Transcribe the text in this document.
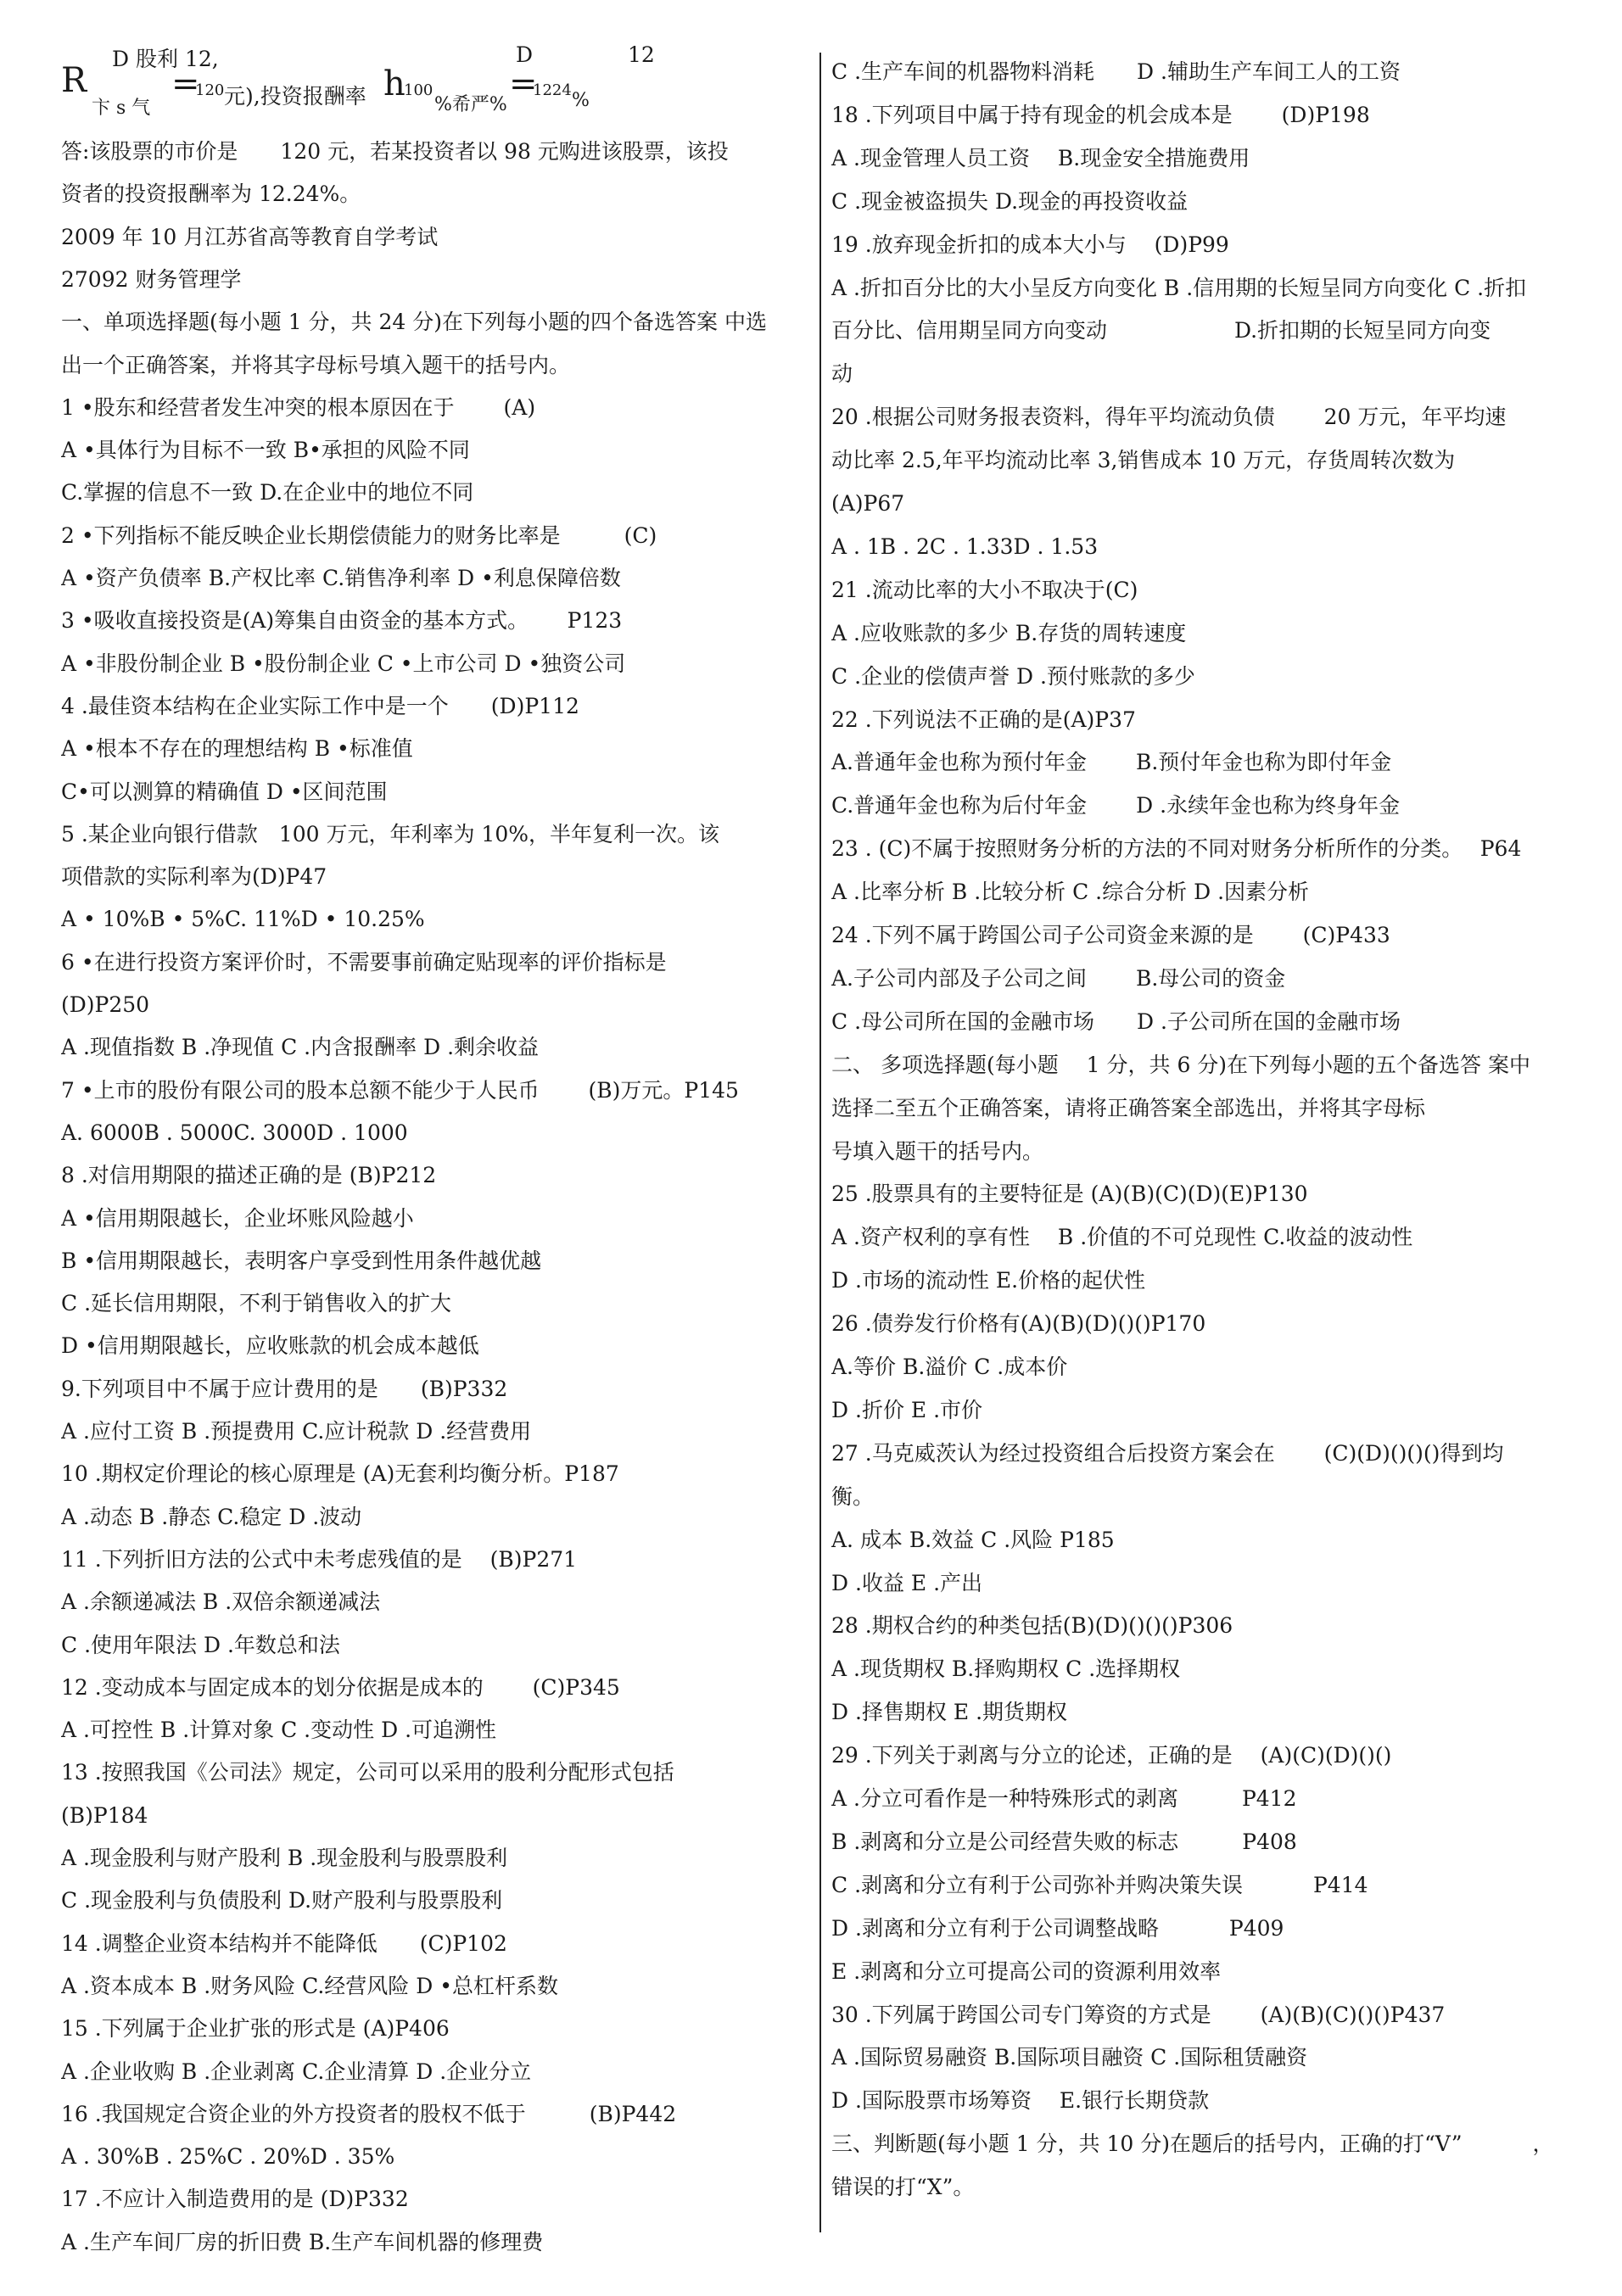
D 股利 12,
R
卞 s 气
=
120 元),投资报酬率 h
100
%希严%
D
=
1224
12
%
答:该股票的市价是　　120 元，若某投资者以 98 元购进该股票，该投
资者的投资报酬率为 12.24%。
2009 年 10 月江苏省高等教育自学考试
27092 财务管理学
一、单项选择题(每小题 1 分，共 24 分)在下列每小题的四个备选答案 中选
出一个正确答案，并将其字母标号填入题干的括号内。
1 •股东和经营者发生冲突的根本原因在于　　 (A)
A •具体行为目标不一致 B•承担的风险不同
C.掌握的信息不一致 D.在企业中的地位不同
2 •下列指标不能反映企业长期偿债能力的财务比率是　　　(C)
A •资产负债率 B.产权比率 C.销售净利率 D •利息保障倍数
3 •吸收直接投资是(A)筹集自由资金的基本方式。　　 P123
A •非股份制企业 B •股份制企业 C •上市公司 D •独资公司
4 .最佳资本结构在企业实际工作中是一个　　(D)P112
A •根本不存在的理想结构 B •标准值
C•可以测算的精确值 D •区间范围
5 .某企业向银行借款　100 万元，年利率为 10%，半年复利一次。该
项借款的实际利率为(D)P47
A • 10%B • 5%C. 11%D • 10.25%
6 •在进行投资方案评价时，不需要事前确定贴现率的评价指标是
(D)P250
A .现值指数 B .净现值 C .内含报酬率 D .剩余收益
7 •上市的股份有限公司的股本总额不能少于人民币　　 (B)万元。P145
A. 6000B . 5000C. 3000D . 1000
8 .对信用期限的描述正确的是 (B)P212
A •信用期限越长，企业坏账风险越小
B •信用期限越长，表明客户享受到性用条件越优越
C .延长信用期限，不利于销售收入的扩大
D •信用期限越长，应收账款的机会成本越低
9.下列项目中不属于应计费用的是　　(B)P332
A .应付工资 B .预提费用 C.应计税款 D .经营费用
10 .期权定价理论的核心原理是 (A)无套利均衡分析。P187
A .动态 B .静态 C.稳定 D .波动
11 .下列折旧方法的公式中未考虑残值的是　 (B)P271
A .余额递减法 B .双倍余额递减法
C .使用年限法 D .年数总和法
12 .变动成本与固定成本的划分依据是成本的　　 (C)P345
A .可控性 B .计算对象 C .变动性 D .可追溯性
13 .按照我国《公司法》规定，公司可以采用的股利分配形式包括
(B)P184
A .现金股利与财产股利 B .现金股利与股票股利
C .现金股利与负债股利 D.财产股利与股票股利
14 .调整企业资本结构并不能降低　　(C)P102
A .资本成本 B .财务风险 C.经营风险 D •总杠杆系数
15 .下列属于企业扩张的形式是 (A)P406
A .企业收购 B .企业剥离 C.企业清算 D .企业分立
16 .我国规定合资企业的外方投资者的股权不低于　　　(B)P442
A . 30%B . 25%C . 20%D . 35%
17 .不应计入制造费用的是 (D)P332
A .生产车间厂房的折旧费 B.生产车间机器的修理费
C .生产车间的机器物料消耗　　D .辅助生产车间工人的工资
18 .下列项目中属于持有现金的机会成本是　　 (D)P198
A .现金管理人员工资　 B.现金安全措施费用
C .现金被盗损失 D.现金的再投资收益
19 .放弃现金折扣的成本大小与　 (D)P99
A .折扣百分比的大小呈反方向变化 B .信用期的长短呈同方向变化 C .折扣
百分比、信用期呈同方向变动　　　　　　D.折扣期的长短呈同方向变
动
20 .根据公司财务报表资料，得年平均流动负债　　 20 万元，年平均速
动比率 2.5,年平均流动比率 3,销售成本 10 万元，存货周转次数为
(A)P67
A . 1B . 2C . 1.33D . 1.53
21 .流动比率的大小不取决于(C)
A .应收账款的多少 B.存货的周转速度
C .企业的偿债声誉 D .预付账款的多少
22 .下列说法不正确的是(A)P37
A.普通年金也称为预付年金　　 B.预付年金也称为即付年金
C.普通年金也称为后付年金　　 D .永续年金也称为终身年金
23 . (C)不属于按照财务分析的方法的不同对财务分析所作的分类。　 P64
A .比率分析 B .比较分析 C .综合分析 D .因素分析
24 .下列不属于跨国公司子公司资金来源的是　　 (C)P433
A.子公司内部及子公司之间　　 B.母公司的资金
C .母公司所在国的金融市场　　D .子公司所在国的金融市场
二、 多项选择题(每小题　 1 分，共 6 分)在下列每小题的五个备选答 案中
选择二至五个正确答案，请将正确答案全部选出，并将其字母标
号填入题干的括号内。
25 .股票具有的主要特征是 (A)(B)(C)(D)(E)P130
A .资产权利的享有性　 B .价值的不可兑现性 C.收益的波动性
D .市场的流动性 E.价格的起伏性
26 .债券发行价格有(A)(B)(D)()()P170
A.等价 B.溢价 C .成本价
D .折价 E .市价
27 .马克威茨认为经过投资组合后投资方案会在　　 (C)(D)()()()得到均
衡。
A. 成本 B.效益 C .风险 P185
D .收益 E .产出
28 .期权合约的种类包括(B)(D)()()()P306
A .现货期权 B.择购期权 C .选择期权
D .择售期权 E .期货期权
29 .下列关于剥离与分立的论述，正确的是　 (A)(C)(D)()()
A .分立可看作是一种特殊形式的剥离　　　P412
B .剥离和分立是公司经营失败的标志　　　P408
C .剥离和分立有利于公司弥补并购决策失误　　　 P414
D .剥离和分立有利于公司调整战略　　　 P409
E .剥离和分立可提高公司的资源利用效率
30 .下列属于跨国公司专门筹资的方式是　　 (A)(B)(C)()()P437
A .国际贸易融资 B.国际项目融资 C .国际租赁融资
D .国际股票市场筹资　 E.银行长期贷款
三、判断题(每小题 1 分，共 10 分)在题后的括号内，正确的打“V”　　　 ，
错误的打“X”。
